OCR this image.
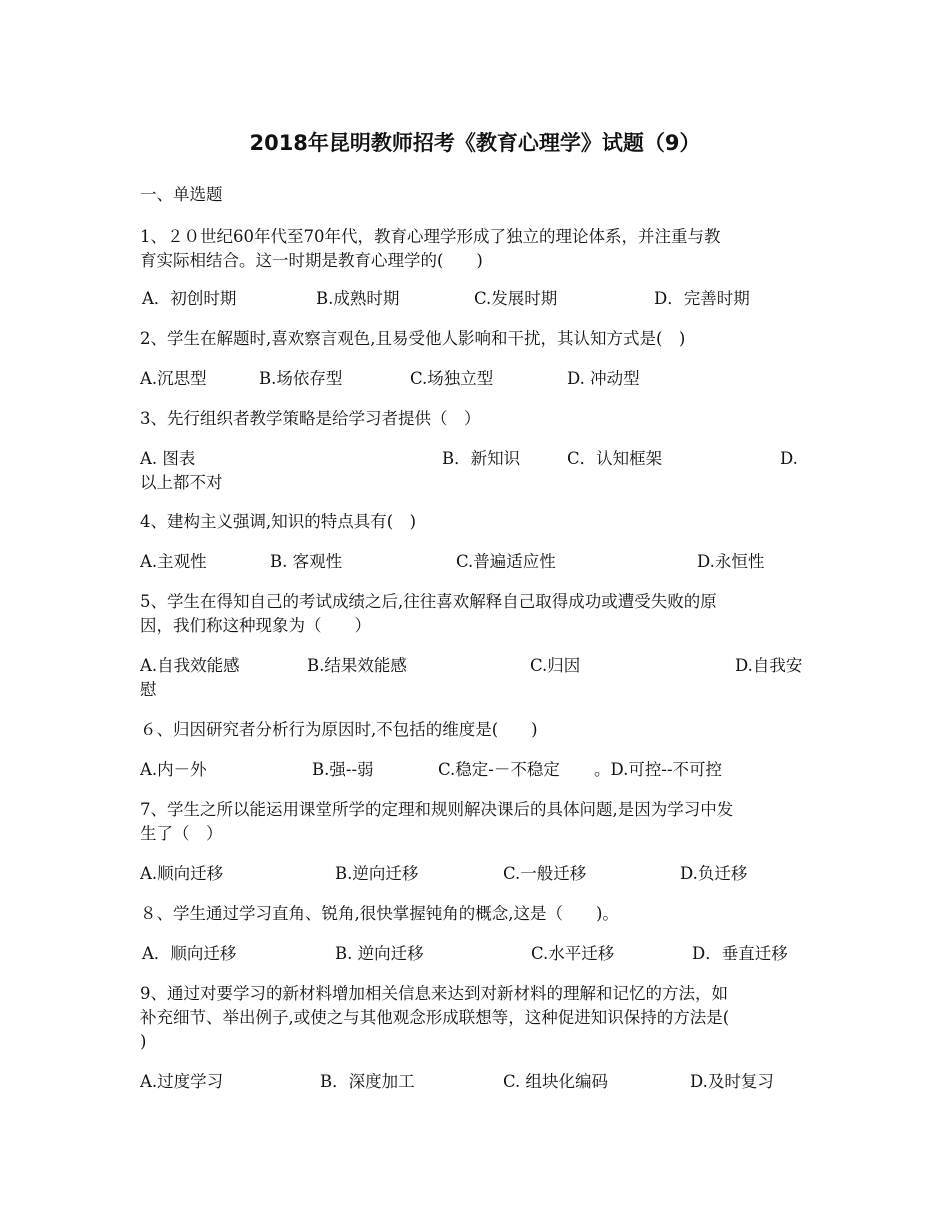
2018年昆明教师招考《教育心理学》试题（9）
一、单选题
1、２０世纪60年代至70年代，教育心理学形成了独立的理论体系，并注重与教
育实际相结合。这一时期是教育心理学的(　　)
A．初创时期	B.成熟时期	C.发展时期	D．完善时期
2、学生在解题时,喜欢察言观色,且易受他人影响和干扰，其认知方式是(　)
A.沉思型	B.场依存型	C.场独立型	D. 冲动型
3、先行组织者教学策略是给学习者提供（　）
A. 图表	B．新知识	C．认知框架	D.
以上都不对
4、建构主义强调,知识的特点具有(　)
A.主观性	B. 客观性	C.普遍适应性	D.永恒性
5、学生在得知自己的考试成绩之后,往往喜欢解释自己取得成功或遭受失败的原
因，我们称这种现象为（　　）
A.自我效能感	B.结果效能感	C.归因	D.自我安
慰
６、归因研究者分析行为原因时,不包括的维度是(　　)
A.内－外	B.强--弱	C.稳定-－不稳定 。D.可控--不可控
7、学生之所以能运用课堂所学的定理和规则解决课后的具体问题,是因为学习中发
生了（　）
A.顺向迁移	B.逆向迁移	C.一般迁移	D.负迁移
８、学生通过学习直角、锐角,很快掌握钝角的概念,这是（　　)。
A．顺向迁移	B. 逆向迁移	C.水平迁移	D．垂直迁移
9、通过对要学习的新材料增加相关信息来达到对新材料的理解和记忆的方法，如
补充细节、举出例子,或使之与其他观念形成联想等，这种促进知识保持的方法是(
)
A.过度学习	B．深度加工	C. 组块化编码	D.及时复习
